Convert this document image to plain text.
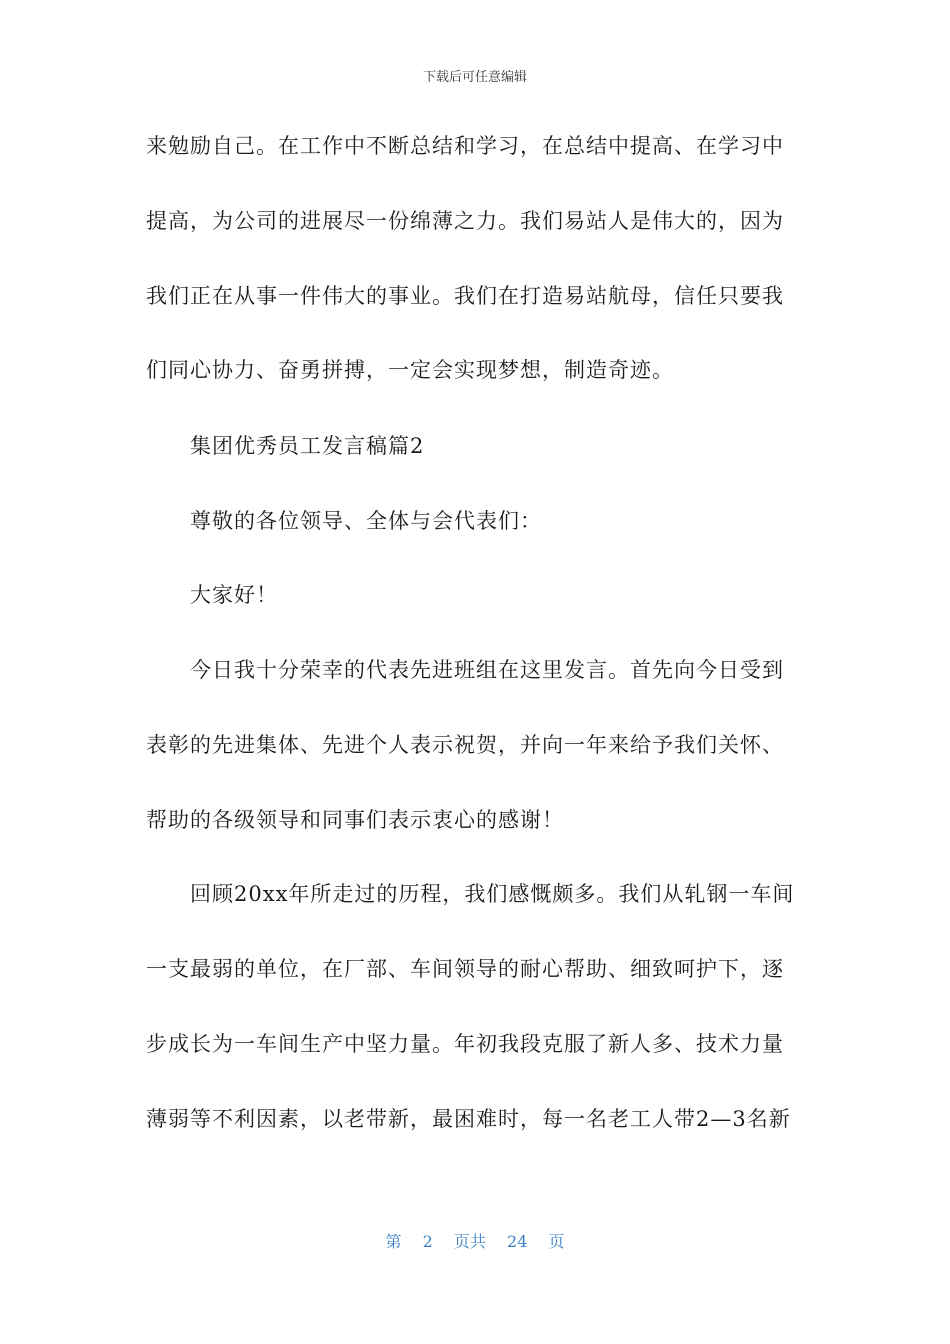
下载后可任意编辑
来勉励自己。在工作中不断总结和学习，在总结中提高、在学习中
提高，为公司的进展尽一份绵薄之力。我们易站人是伟大的，因为
我们正在从事一件伟大的事业。我们在打造易站航母，信任只要我
们同心协力、奋勇拼搏，一定会实现梦想，制造奇迹。
集团优秀员工发言稿篇2
尊敬的各位领导、全体与会代表们：
大家好！
今日我十分荣幸的代表先进班组在这里发言。首先向今日受到
表彰的先进集体、先进个人表示祝贺，并向一年来给予我们关怀、
帮助的各级领导和同事们表示衷心的感谢！
回顾20xx年所走过的历程，我们感慨颇多。我们从轧钢一车间
一支最弱的单位，在厂部、车间领导的耐心帮助、细致呵护下，逐
步成长为一车间生产中坚力量。年初我段克服了新人多、技术力量
薄弱等不利因素，以老带新，最困难时，每一名老工人带2—3名新
第 2 页共 24 页
